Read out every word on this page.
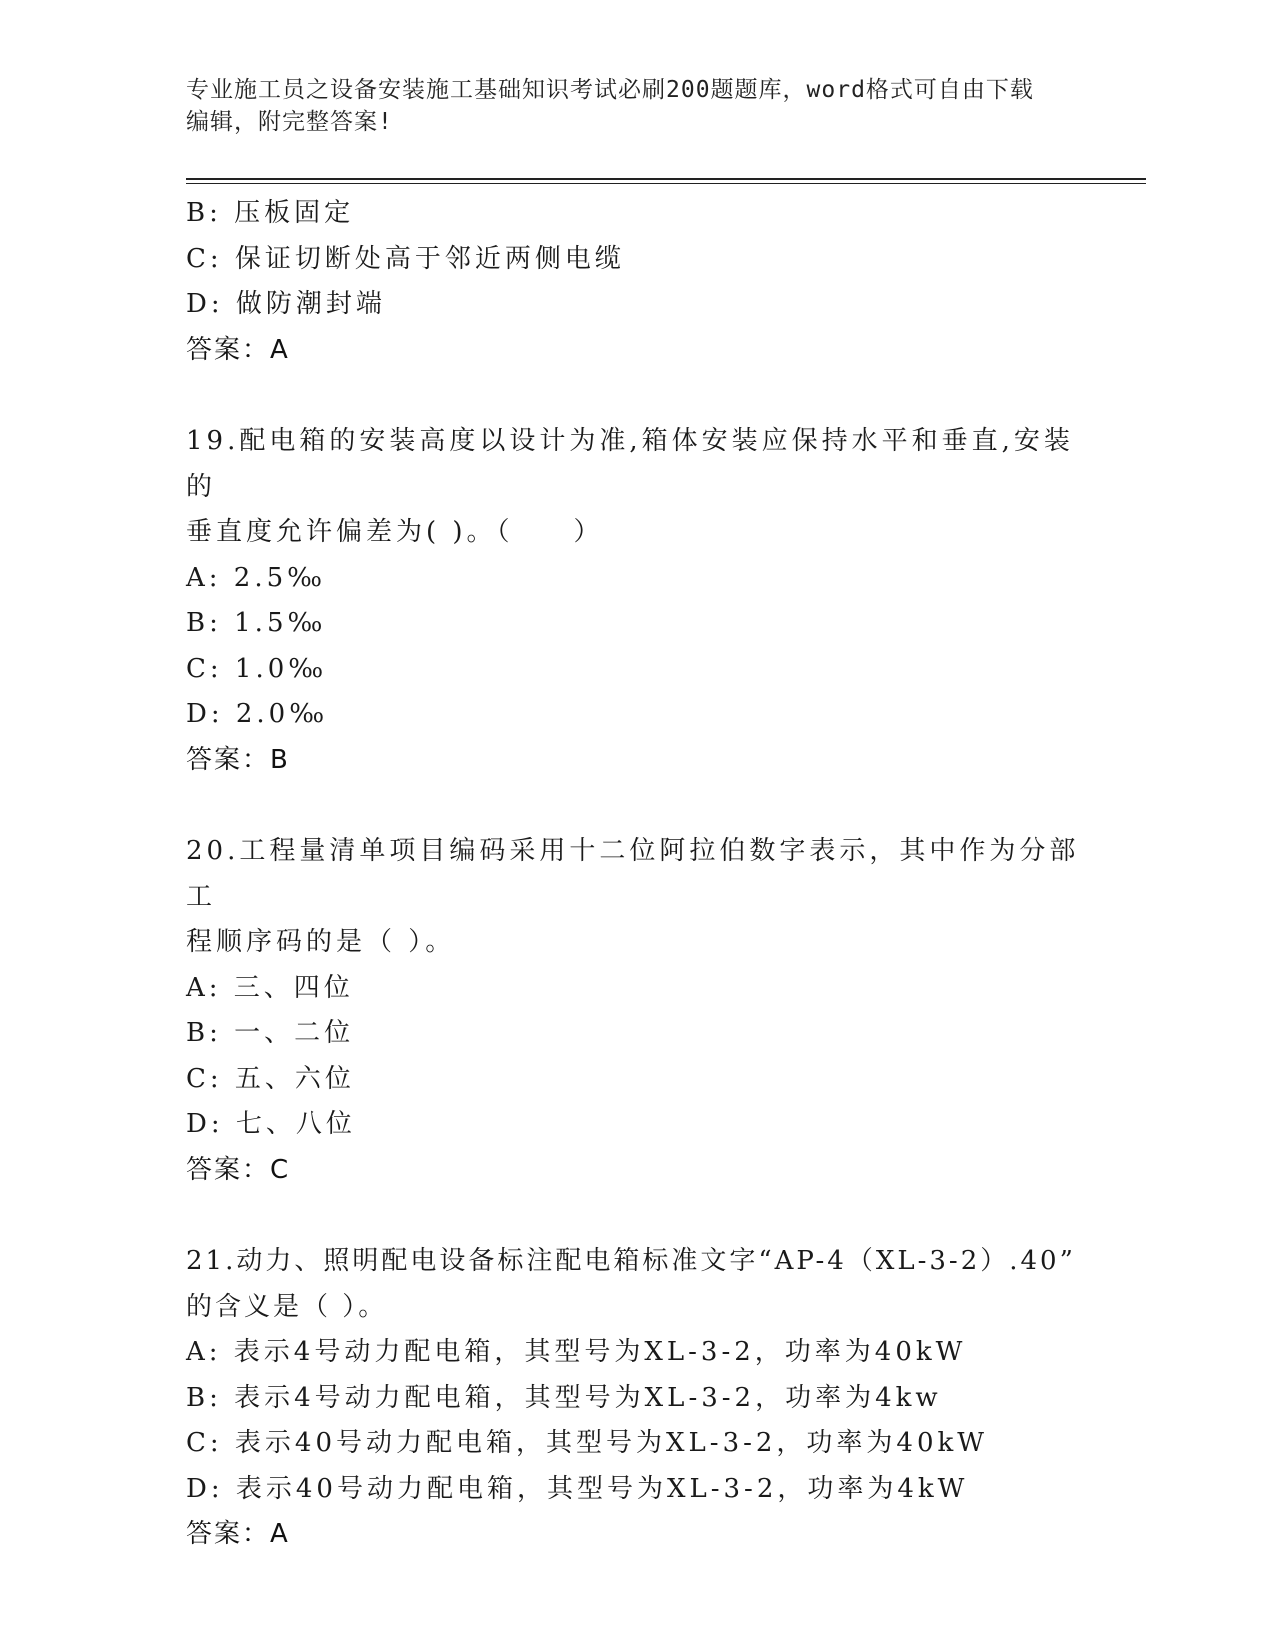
专业施工员之设备安装施工基础知识考试必刷200题题库，word格式可自由下载
编辑，附完整答案!
B: 压板固定
C: 保证切断处高于邻近两侧电缆
D: 做防潮封端
答案：A
19.配电箱的安装高度以设计为准,箱体安装应保持水平和垂直,安装的
垂直度允许偏差为( )。（　　）
A: 2.5‰
B: 1.5‰
C: 1.0‰
D: 2.0‰
答案：B
20.工程量清单项目编码采用十二位阿拉伯数字表示，其中作为分部工
程顺序码的是（ ）。
A: 三、四位
B: 一、二位
C: 五、六位
D: 七、八位
答案：C
21.动力、照明配电设备标注配电箱标准文字“AP-4（XL-3-2）.40”
的含义是（ ）。
A: 表示4号动力配电箱，其型号为XL-3-2，功率为40kW
B: 表示4号动力配电箱，其型号为XL-3-2，功率为4kw
C: 表示40号动力配电箱，其型号为XL-3-2，功率为40kW
D: 表示40号动力配电箱，其型号为XL-3-2，功率为4kW
答案：A
